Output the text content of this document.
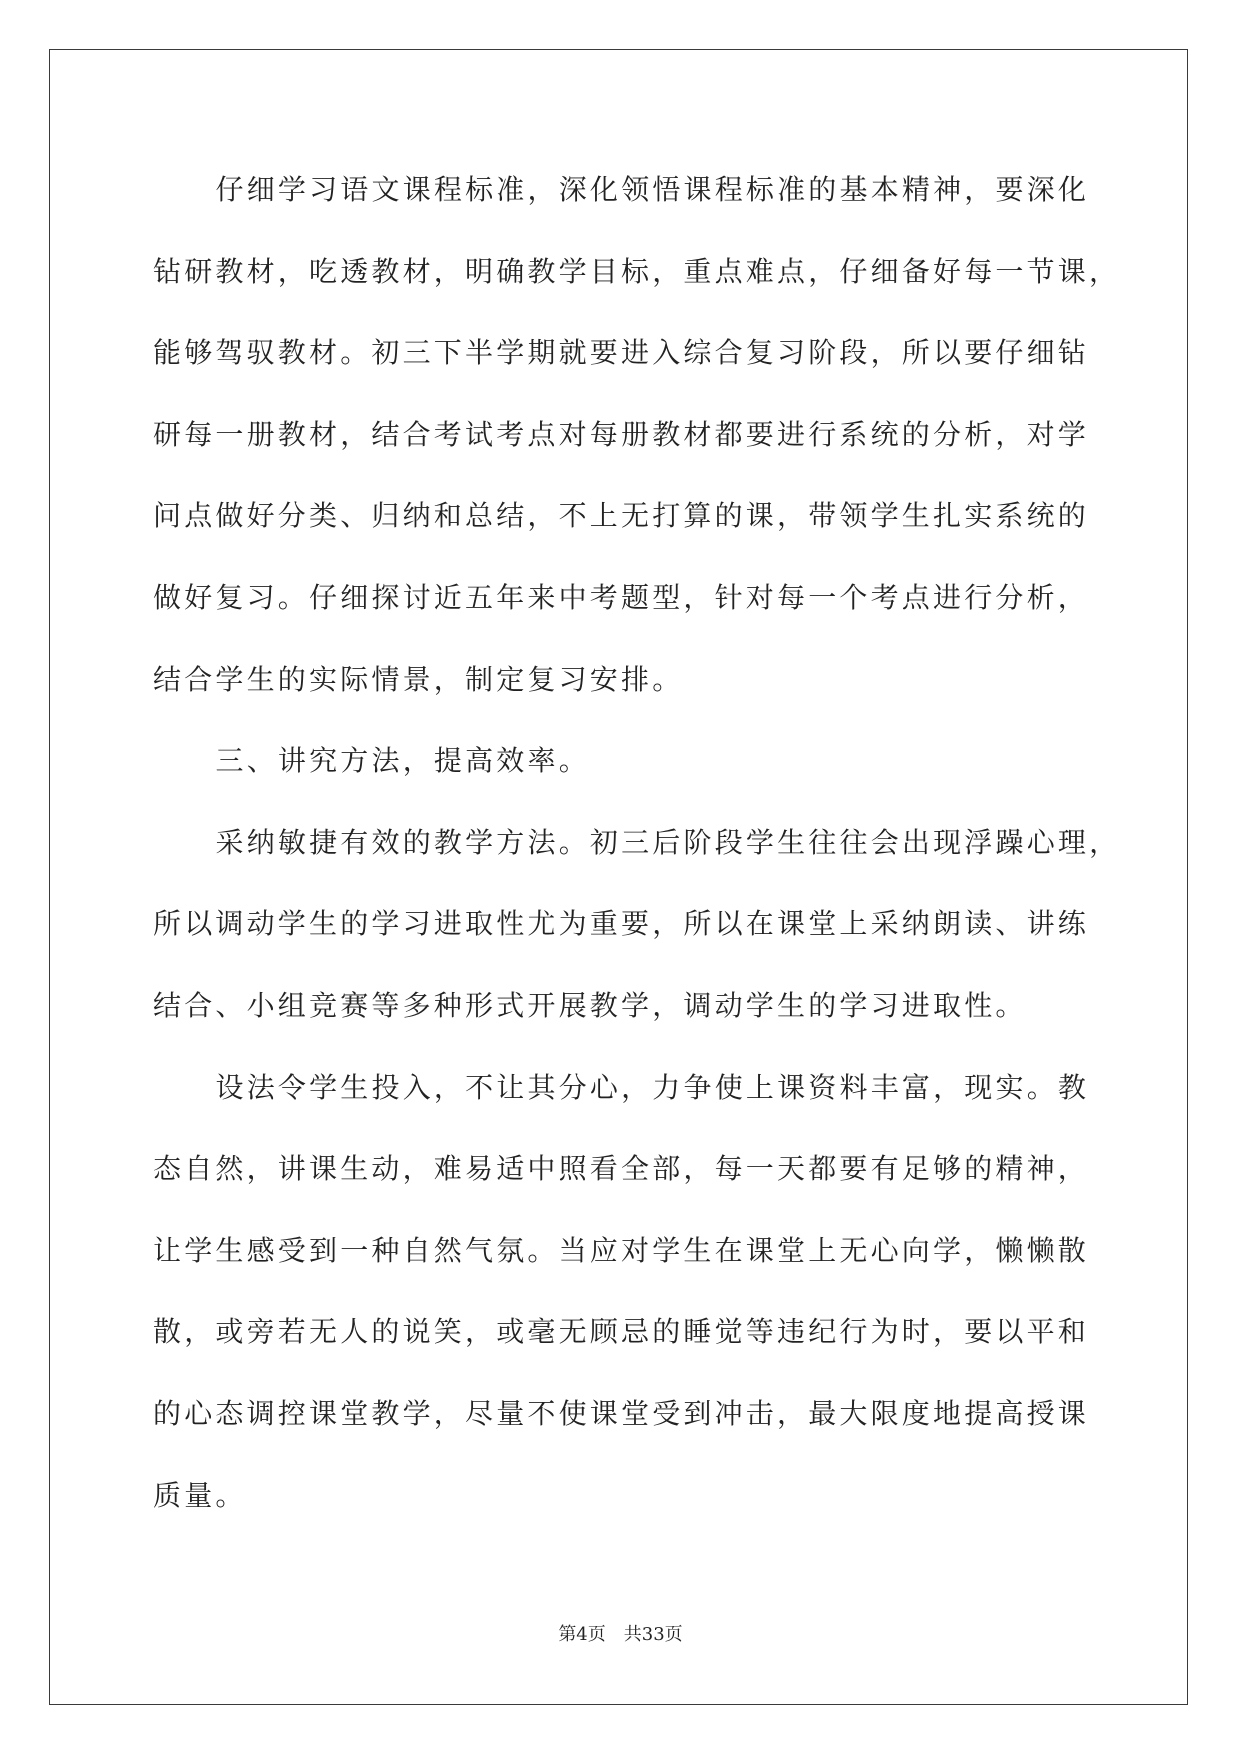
仔细学习语文课程标准，深化领悟课程标准的基本精神，要深化
钻研教材，吃透教材，明确教学目标，重点难点，仔细备好每一节课，
能够驾驭教材。初三下半学期就要进入综合复习阶段，所以要仔细钻
研每一册教材，结合考试考点对每册教材都要进行系统的分析，对学
问点做好分类、归纳和总结，不上无打算的课，带领学生扎实系统的
做好复习。仔细探讨近五年来中考题型，针对每一个考点进行分析，
结合学生的实际情景，制定复习安排。
三、讲究方法，提高效率。
采纳敏捷有效的教学方法。初三后阶段学生往往会出现浮躁心理，
所以调动学生的学习进取性尤为重要，所以在课堂上采纳朗读、讲练
结合、小组竞赛等多种形式开展教学，调动学生的学习进取性。
设法令学生投入，不让其分心，力争使上课资料丰富，现实。教
态自然，讲课生动，难易适中照看全部，每一天都要有足够的精神，
让学生感受到一种自然气氛。当应对学生在课堂上无心向学，懒懒散
散，或旁若无人的说笑，或毫无顾忌的睡觉等违纪行为时，要以平和
的心态调控课堂教学，尽量不使课堂受到冲击，最大限度地提高授课
质量。
第4页 共33页
